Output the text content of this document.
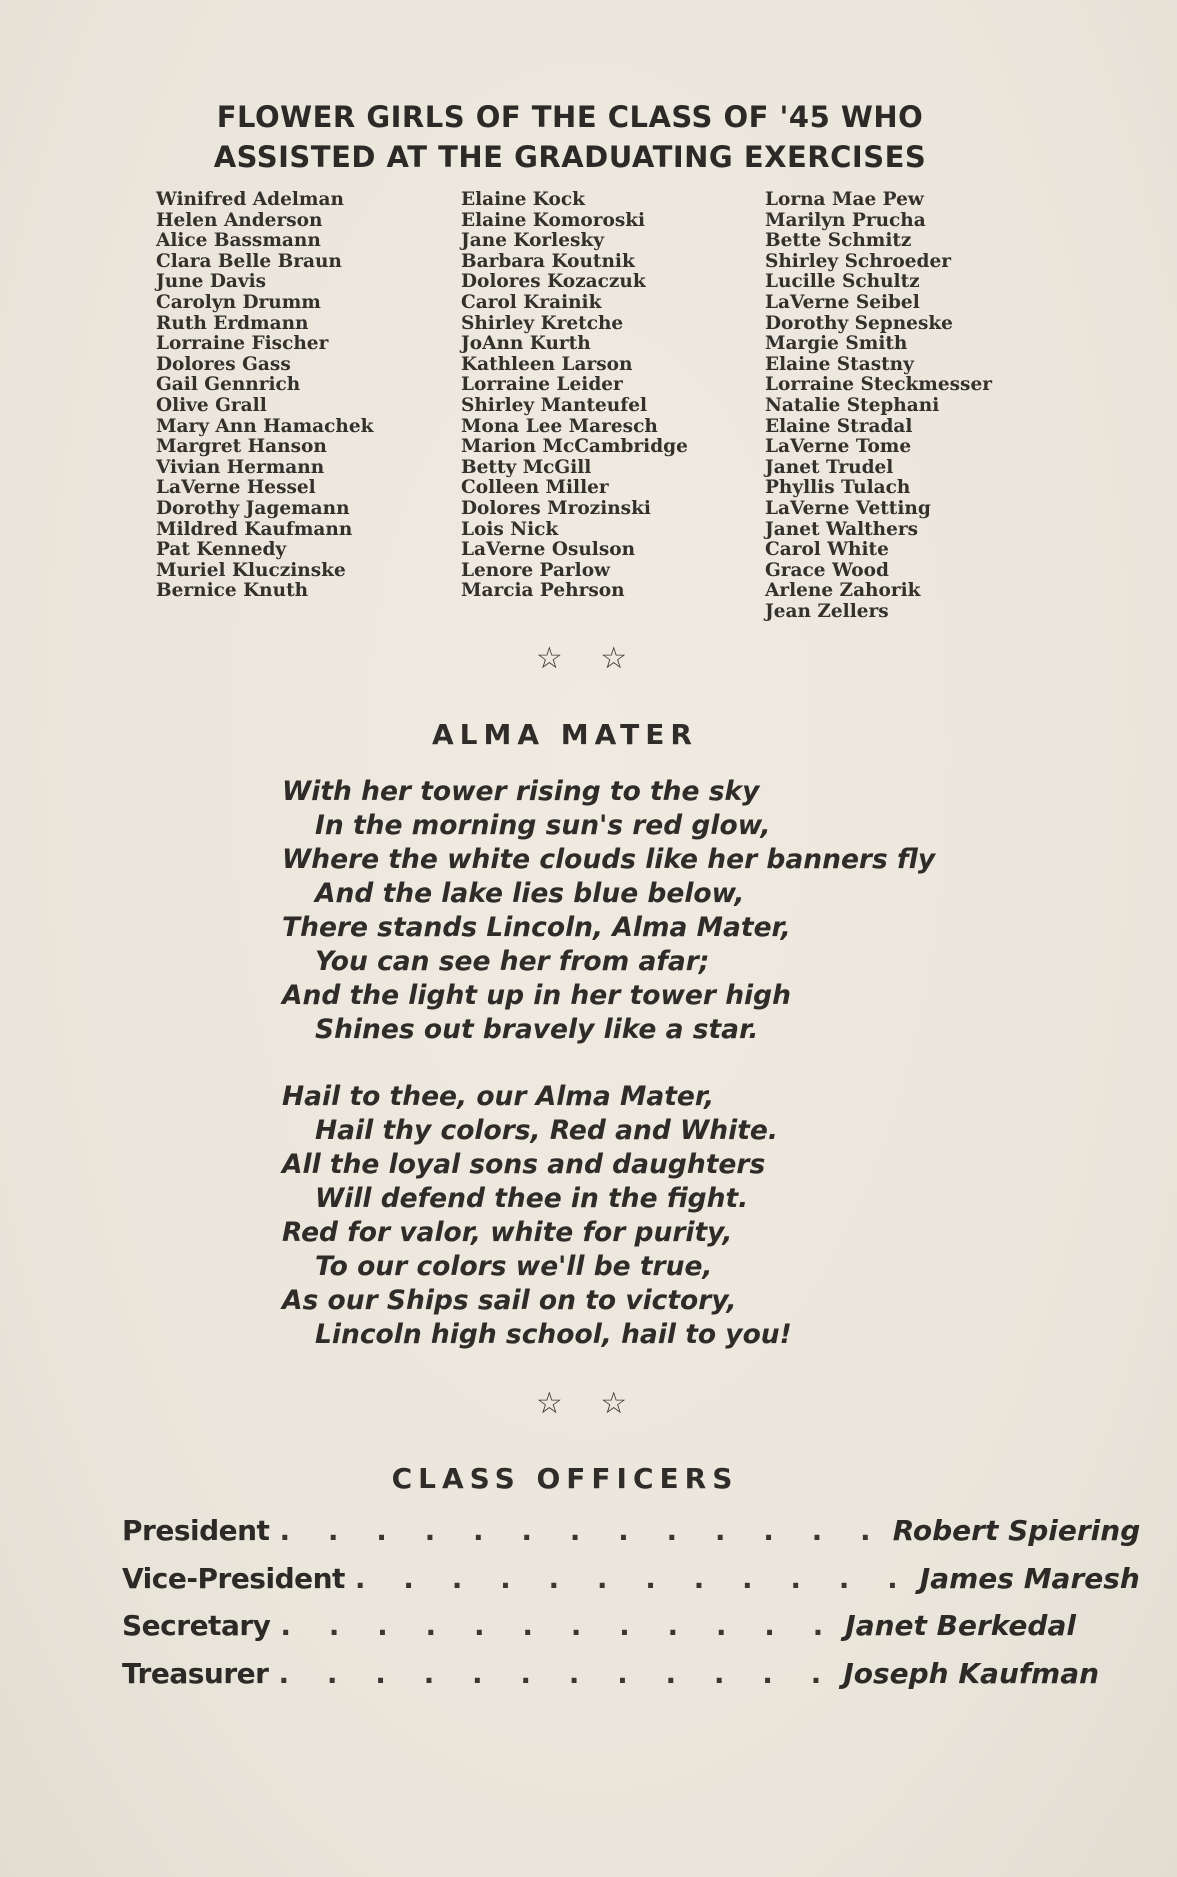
FLOWER GIRLS OF THE CLASS OF '45 WHO
ASSISTED AT THE GRADUATING EXERCISES
Winifred Adelman
Helen Anderson
Alice Bassmann
Clara Belle Braun
June Davis
Carolyn Drumm
Ruth Erdmann
Lorraine Fischer
Dolores Gass
Gail Gennrich
Olive Grall
Mary Ann Hamachek
Margret Hanson
Vivian Hermann
LaVerne Hessel
Dorothy Jagemann
Mildred Kaufmann
Pat Kennedy
Muriel Kluczinske
Bernice Knuth
Elaine Kock
Elaine Komoroski
Jane Korlesky
Barbara Koutnik
Dolores Kozaczuk
Carol Krainik
Shirley Kretche
JoAnn Kurth
Kathleen Larson
Lorraine Leider
Shirley Manteufel
Mona Lee Maresch
Marion McCambridge
Betty McGill
Colleen Miller
Dolores Mrozinski
Lois Nick
LaVerne Osulson
Lenore Parlow
Marcia Pehrson
Lorna Mae Pew
Marilyn Prucha
Bette Schmitz
Shirley Schroeder
Lucille Schultz
LaVerne Seibel
Dorothy Sepneske
Margie Smith
Elaine Stastny
Lorraine Steckmesser
Natalie Stephani
Elaine Stradal
LaVerne Tome
Janet Trudel
Phyllis Tulach
LaVerne Vetting
Janet Walthers
Carol White
Grace Wood
Arlene Zahorik
Jean Zellers
☆ ☆
ALMA MATER
With her tower rising to the sky
In the morning sun's red glow,
Where the white clouds like her banners fly
And the lake lies blue below,
There stands Lincoln, Alma Mater,
You can see her from afar;
And the light up in her tower high
Shines out bravely like a star.
Hail to thee, our Alma Mater,
Hail thy colors, Red and White.
All the loyal sons and daughters
Will defend thee in the fight.
Red for valor, white for purity,
To our colors we'll be true,
As our Ships sail on to victory,
Lincoln high school, hail to you!
☆ ☆
CLASS OFFICERS
President . . . . . . . . . . . . . Robert Spiering
Vice-President . . . . . . . . . . . . James Maresh
Secretary . . . . . . . . . . . . Janet Berkedal
Treasurer . . . . . . . . . . . . Joseph Kaufman
